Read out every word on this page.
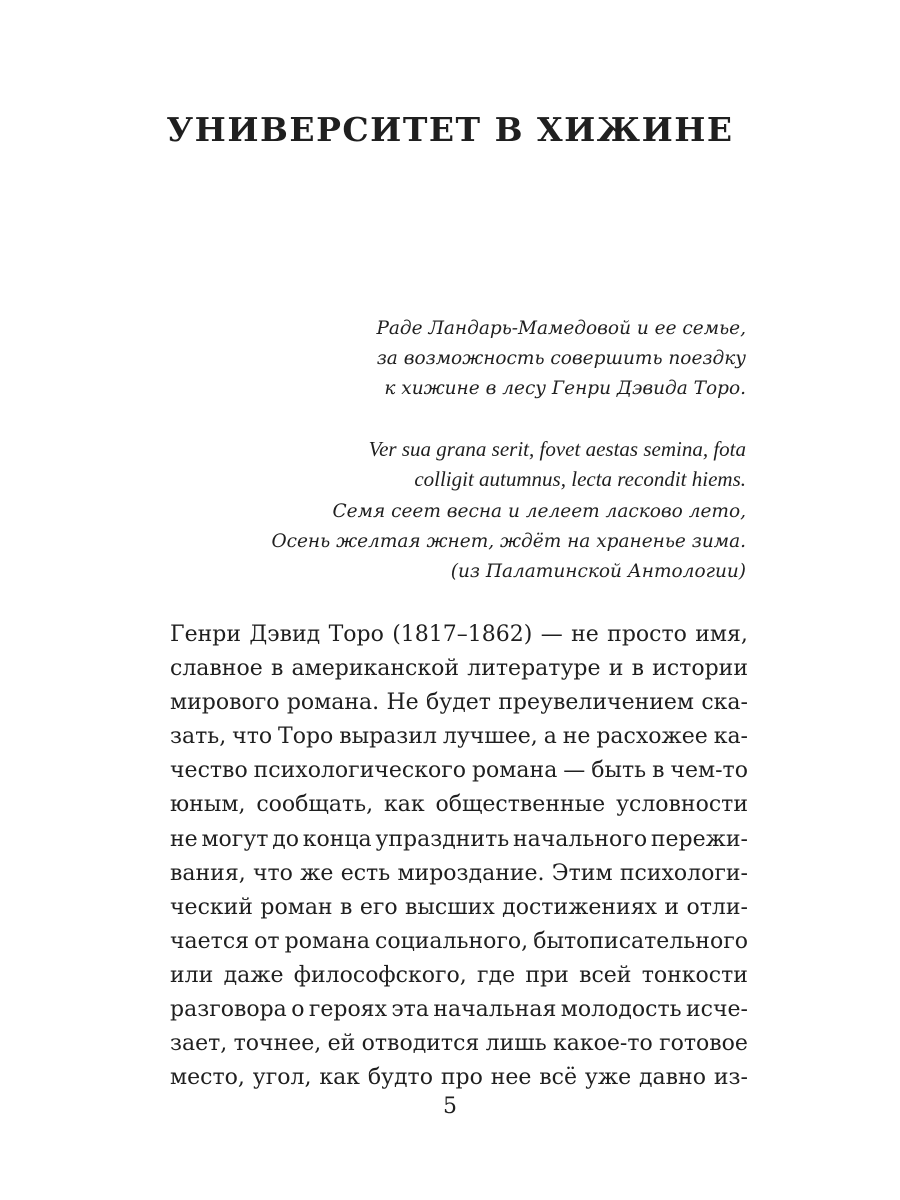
УНИВЕРСИТЕТ В ХИЖИНЕ
Раде Ландарь-Мамедовой и ее семье,
за возможность совершить поездку
к хижине в лесу Генри Дэвида Торо.
Ver sua grana serit, fovet aestas semina, fota
colligit autumnus, lecta recondit hiems.
Семя сеет весна и лелеет ласково лето,
Осень желтая жнет, ждёт на храненье зима.
(из Палатинской Антологии)
Генри Дэвид Торо (1817–1862) — не просто имя,
славное в американской литературе и в истории
мирового романа. Не будет преувеличением ска-
зать, что Торо выразил лучшее, а не расхожее ка-
чество психологического романа — быть в чем-то
юным, сообщать, как общественные условности
не могут до конца упразднить начального пережи-
вания, что же есть мироздание. Этим психологи-
ческий роман в его высших достижениях и отли-
чается от романа социального, бытописательного
или даже философского, где при всей тонкости
разговора о героях эта начальная молодость исче-
зает, точнее, ей отводится лишь какое-то готовое
место, угол, как будто про нее всё уже давно из-
5
